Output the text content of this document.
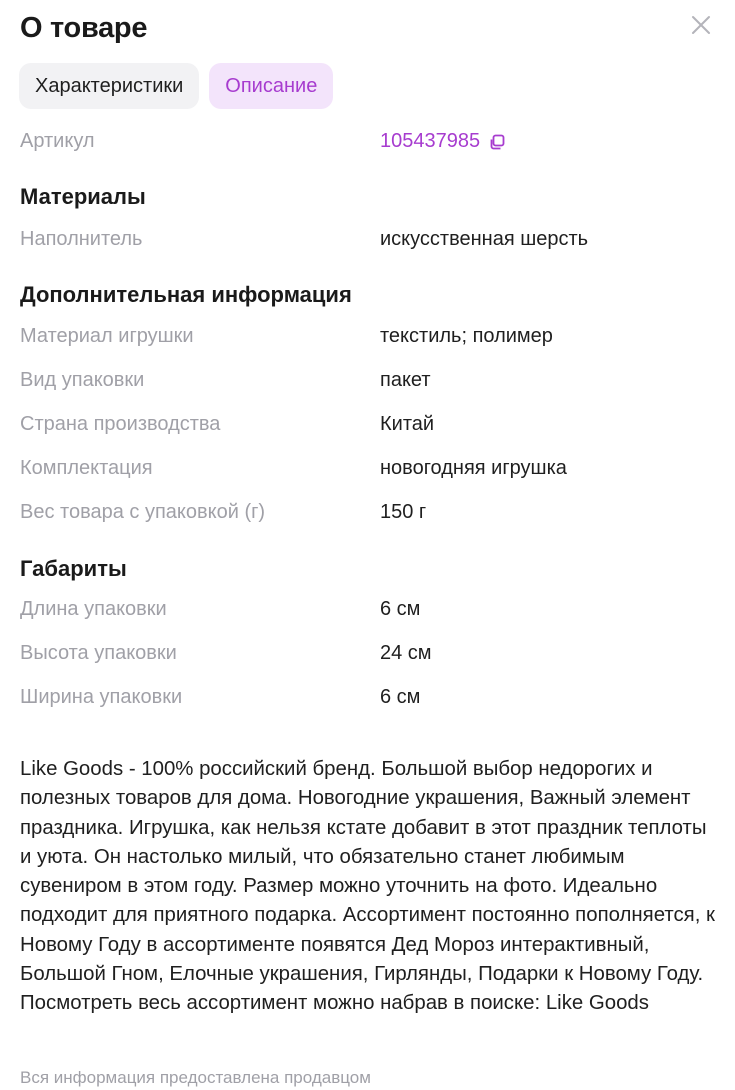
О товаре
Характеристики	Описание
Артикул	105437985
Материалы
Наполнитель	искусственная шерсть
Дополнительная информация
Материал игрушки	текстиль; полимер
Вид упаковки	пакет
Страна производства	Китай
Комплектация	новогодняя игрушка
Вес товара с упаковкой (г)	150 г
Габариты
Длина упаковки	6 см
Высота упаковки	24 см
Ширина упаковки	6 см

Like Goods - 100% российский бренд. Большой выбор недорогих и полезных товаров для дома. Новогодние украшения, Важный элемент праздника. Игрушка, как нельзя кстате добавит в этот праздник теплоты и уюта. Он настолько милый, что обязательно станет любимым сувениром в этом году. Размер можно уточнить на фото. Идеально подходит для приятного подарка. Ассортимент постоянно пополняется, к Новому Году в ассортименте появятся Дед Мороз интерактивный, Большой Гном, Елочные украшения, Гирлянды, Подарки к Новому Году. Посмотреть весь ассортимент можно набрав в поиске: Like Goods

Вся информация предоставлена продавцом
